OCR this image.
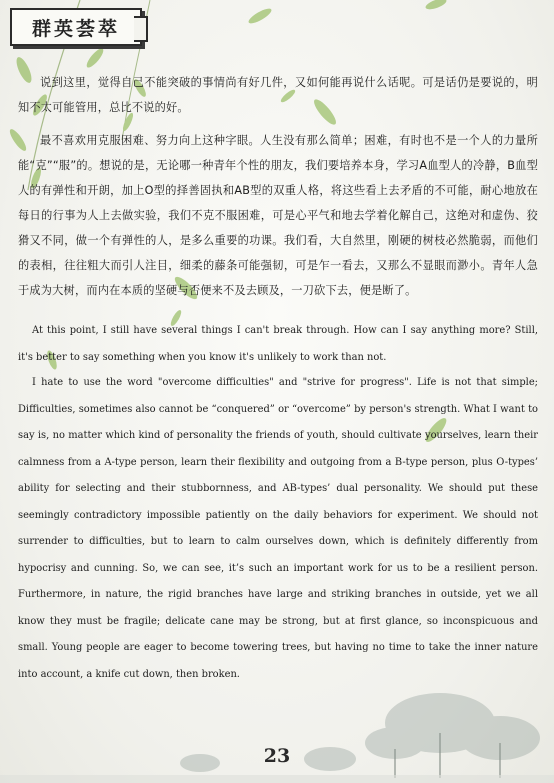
群英荟萃

说到这里，觉得自己不能突破的事情尚有好几件，又如何能再说什么话呢。可是话仍是要说的，明知不太可能管用，总比不说的好。

最不喜欢用克服困难、努力向上这种字眼。人生没有那么简单；困难，有时也不是一个人的力量所能“克”“服”的。想说的是，无论哪一种青年个性的朋友，我们要培养本身，学习A血型人的冷静，B血型人的有弹性和开朗，加上O型的择善固执和AB型的双重人格，将这些看上去矛盾的不可能，耐心地放在每日的行事为人上去做实验，我们不克不服困难，可是心平气和地去学着化解自己，这绝对和虚伪、狡猾又不同，做一个有弹性的人，是多么重要的功课。我们看，大自然里，刚硬的树枝必然脆弱，而他们的表相，往往粗大而引人注目，细柔的藤条可能强韧，可是乍一看去，又那么不显眼而渺小。青年人急于成为大树，而内在本质的坚硬与否便来不及去顾及，一刀砍下去，便是断了。

At this point, I still have several things I can't break through. How can I say anything more? Still, it's better to say something when you know it's unlikely to work than not.

I hate to use the word "overcome difficulties" and "strive for progress". Life is not that simple; Difficulties, sometimes also cannot be “conquered” or “overcome” by person's strength. What I want to say is, no matter which kind of personality the friends of youth, should cultivate yourselves, learn their calmness from a A-type person, learn their flexibility and outgoing from a B-type person, plus O-types’ ability for selecting and their stubbornness, and AB-types’ dual personality. We should put these seemingly contradictory impossible patiently on the daily behaviors for experiment. We should not surrender to difficulties, but to learn to calm ourselves down, which is definitely differently from hypocrisy and cunning. So, we can see, it’s such an important work for us to be a resilient person. Furthermore, in nature, the rigid branches have large and striking branches in outside, yet we all know they must be fragile; delicate cane may be strong, but at first glance, so inconspicuous and small. Young people are eager to become towering trees, but having no time to take the inner nature into account, a knife cut down, then broken.

23
